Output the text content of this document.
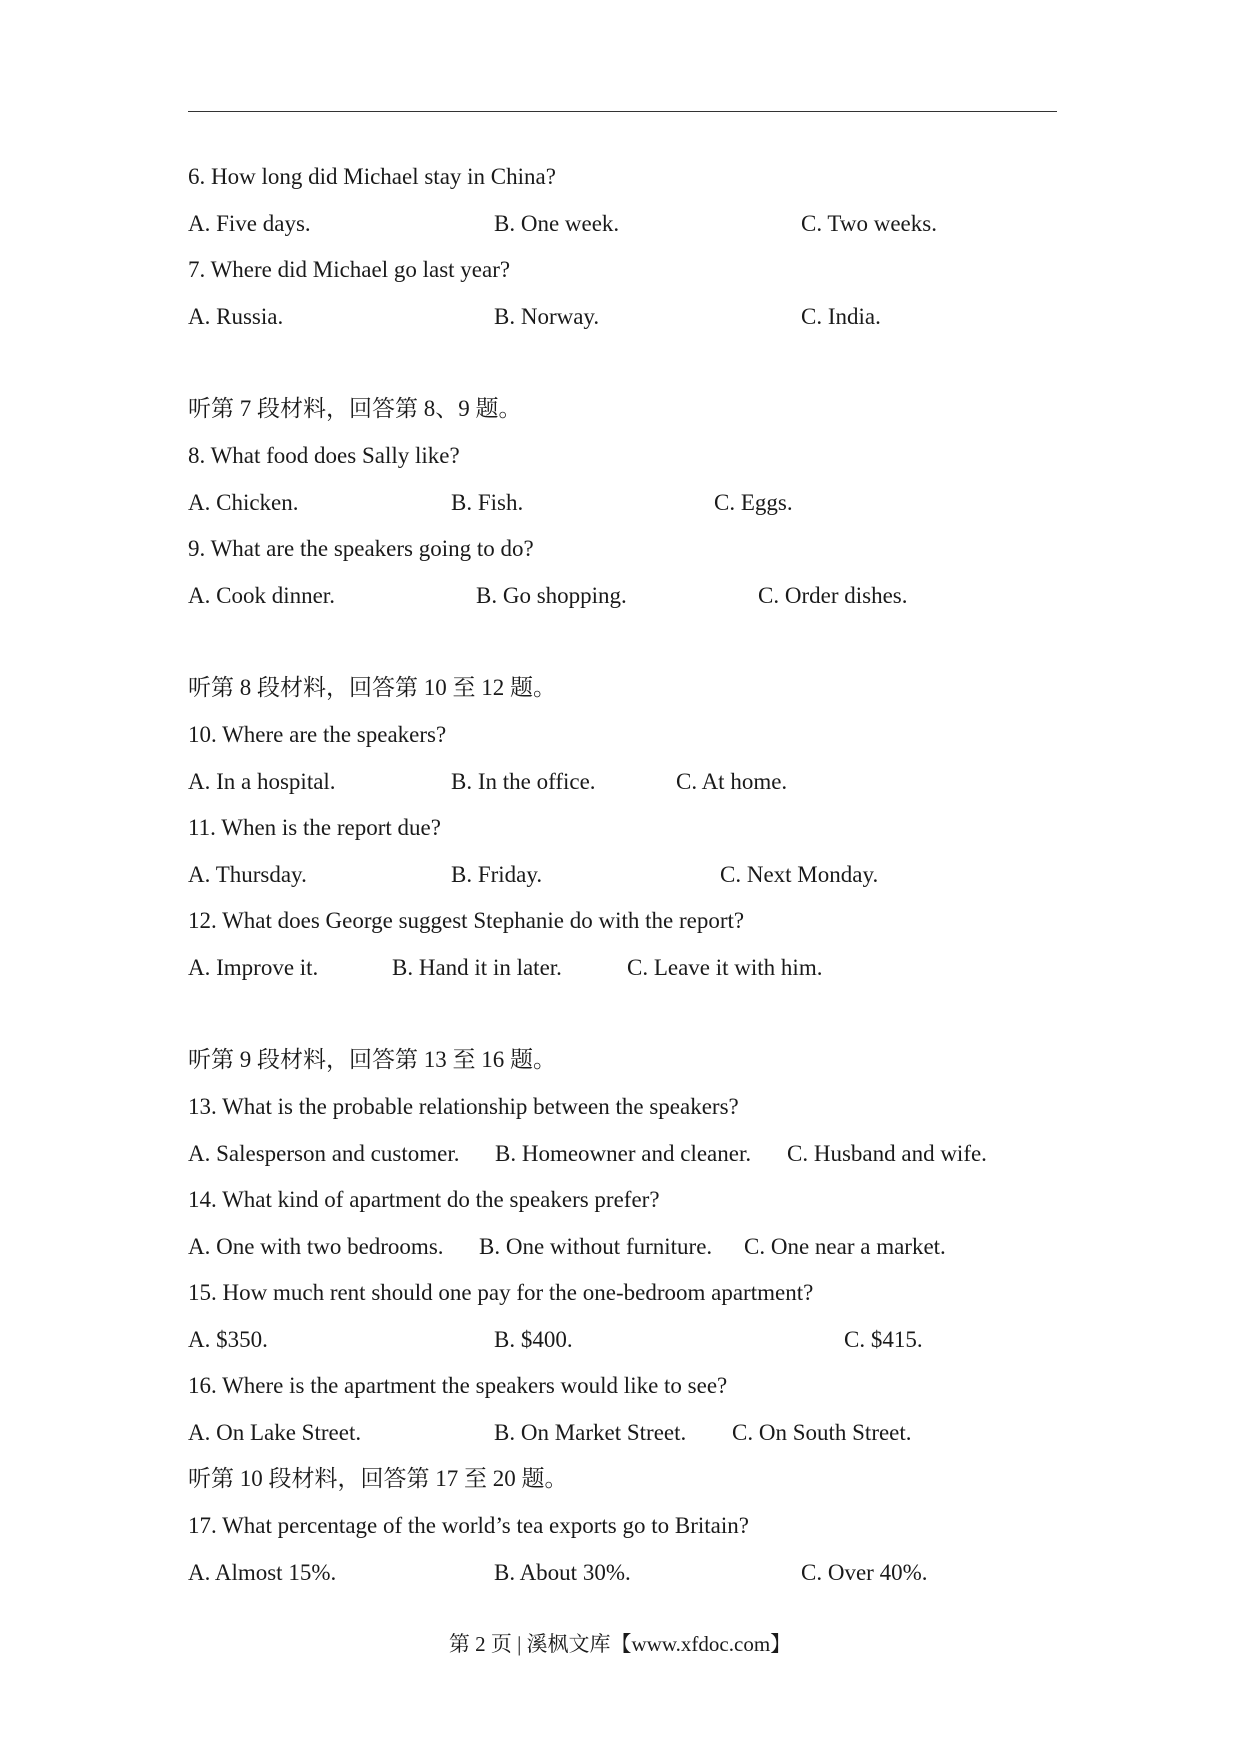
6. How long did Michael stay in China?
A. Five days.	B. One week.	C. Two weeks.
7. Where did Michael go last year?
A. Russia.	B. Norway.	C. India.
听第 7 段材料，回答第 8、9 题。
8. What food does Sally like?
A. Chicken.	B. Fish.	C. Eggs.
9. What are the speakers going to do?
A. Cook dinner.	B. Go shopping.	C. Order dishes.
听第 8 段材料，回答第 10 至 12 题。
10. Where are the speakers?
A. In a hospital.	B. In the office.	C. At home.
11. When is the report due?
A. Thursday.	B. Friday.	C. Next Monday.
12. What does George suggest Stephanie do with the report?
A. Improve it.	B. Hand it in later.	C. Leave it with him.
听第 9 段材料，回答第 13 至 16 题。
13. What is the probable relationship between the speakers?
A. Salesperson and customer. B. Homeowner and cleaner. C. Husband and wife.
14. What kind of apartment do the speakers prefer?
A. One with two bedrooms. B. One without furniture. C. One near a market.
15. How much rent should one pay for the one-bedroom apartment?
A. $350.	B. $400.	C. $415.
16. Where is the apartment the speakers would like to see?
A. On Lake Street.	B. On Market Street. C. On South Street.
听第 10 段材料，回答第 17 至 20 题。
17. What percentage of the world’s tea exports go to Britain?
A. Almost 15%.	B. About 30%.	C. Over 40%.
第 2 页 | 溪枫文库【www.xfdoc.com】
